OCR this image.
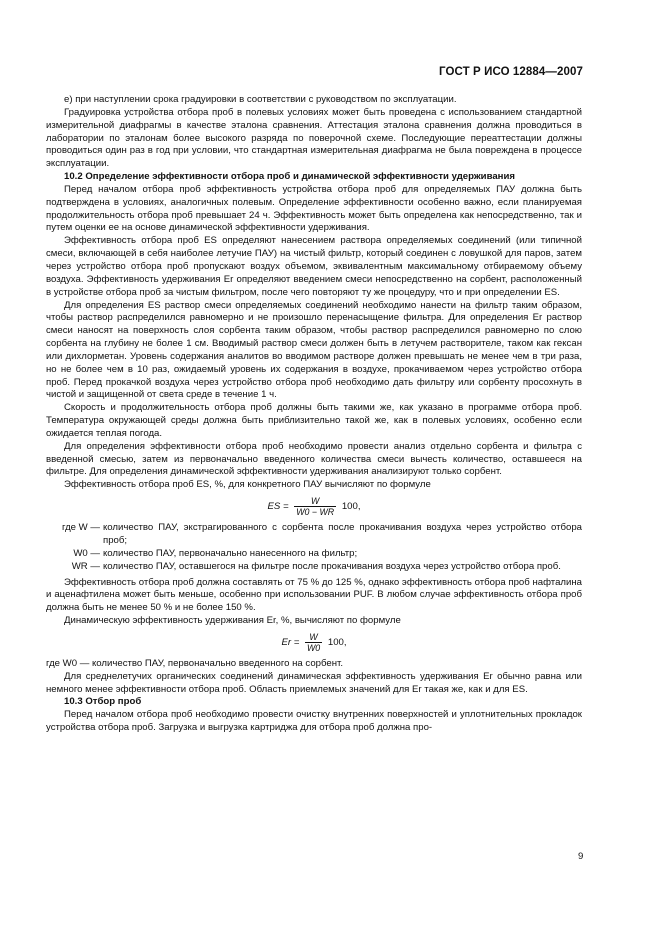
ГОСТ Р ИСО 12884—2007

е) при наступлении срока градуировки в соответствии с руководством по эксплуатации.

Градуировка устройства отбора проб в полевых условиях может быть проведена с использованием стандартной измерительной диафрагмы в качестве эталона сравнения. Аттестация эталона сравнения должна проводиться в лаборатории по эталонам более высокого разряда по поверочной схеме. Последующие переаттестации должны проводиться один раз в год при условии, что стандартная измерительная диафрагма не была повреждена в процессе эксплуатации.

10.2 Определение эффективности отбора проб и динамической эффективности удерживания

Перед началом отбора проб эффективность устройства отбора проб для определяемых ПАУ должна быть подтверждена в условиях, аналогичных полевым. Определение эффективности особенно важно, если планируемая продолжительность отбора проб превышает 24 ч. Эффективность может быть определена как непосредственно, так и путем оценки ее на основе динамической эффективности удерживания.

Эффективность отбора проб ES определяют нанесением раствора определяемых соединений (или типичной смеси, включающей в себя наиболее летучие ПАУ) на чистый фильтр, который соединен с ловушкой для паров, затем через устройство отбора проб пропускают воздух объемом, эквивалентным максимальному отбираемому объему воздуха. Эффективность удерживания Er определяют введением смеси непосредственно на сорбент, расположенный в устройстве отбора проб за чистым фильтром, после чего повторяют ту же процедуру, что и при определении ES.

Для определения ES раствор смеси определяемых соединений необходимо нанести на фильтр таким образом, чтобы раствор распределился равномерно и не произошло перенасыщение фильтра. Для определения Er раствор смеси наносят на поверхность слоя сорбента таким образом, чтобы раствор распределился равномерно по слою сорбента на глубину не более 1 см. Вводимый раствор смеси должен быть в летучем растворителе, таком как гексан или дихлорметан. Уровень содержания аналитов во вводимом растворе должен превышать не менее чем в три раза, но не более чем в 10 раз, ожидаемый уровень их содержания в воздухе, прокачиваемом через устройство отбора проб. Перед прокачкой воздуха через устройство отбора проб необходимо дать фильтру или сорбенту просохнуть в чистой и защищенной от света среде в течение 1 ч.

Скорость и продолжительность отбора проб должны быть такими же, как указано в программе отбора проб. Температура окружающей среды должна быть приблизительно такой же, как в полевых условиях, особенно если ожидается теплая погода.

Для определения эффективности отбора проб необходимо провести анализ отдельно сорбента и фильтра с введенной смесью, затем из первоначально введенного количества смеси вычесть количество, оставшееся на фильтре. Для определения динамической эффективности удерживания анализируют только сорбент.

Эффективность отбора проб ES, %, для конкретного ПАУ вычисляют по формуле

ES = $\frac{W}{W0 - WR} 100$,
где W — количество ПАУ, экстрагированного с сорбента после прокачивания воздуха через устройство отбора проб;
W0 — количество ПАУ, первоначально нанесенного на фильтр;
WR — количество ПАУ, оставшегося на фильтре после прокачивания воздуха через устройство отбора проб.

Эффективность отбора проб должна составлять от 75 % до 125 %, однако эффективность отбора проб нафталина и аценафтилена может быть меньше, особенно при использовании PUF. В любом случае эффективность отбора проб должна быть не менее 50 % и не более 150 %.

Динамическую эффективность удерживания Er, %, вычисляют по формуле

$Er = \frac{W}{W0} 100$,

где W0 — количество ПАУ, первоначально введенного на сорбент.

Для среднелетучих органических соединений динамическая эффективность удерживания Er обычно равна или немного менее эффективности отбора проб. Область приемлемых значений для Er такая же, как и для ES.

10.3 Отбор проб

Перед началом отбора проб необходимо провести очистку внутренних поверхностей и уплотнительных прокладок устройства отбора проб. Загрузка и выгрузка картриджа для отбора проб должна про-

9
